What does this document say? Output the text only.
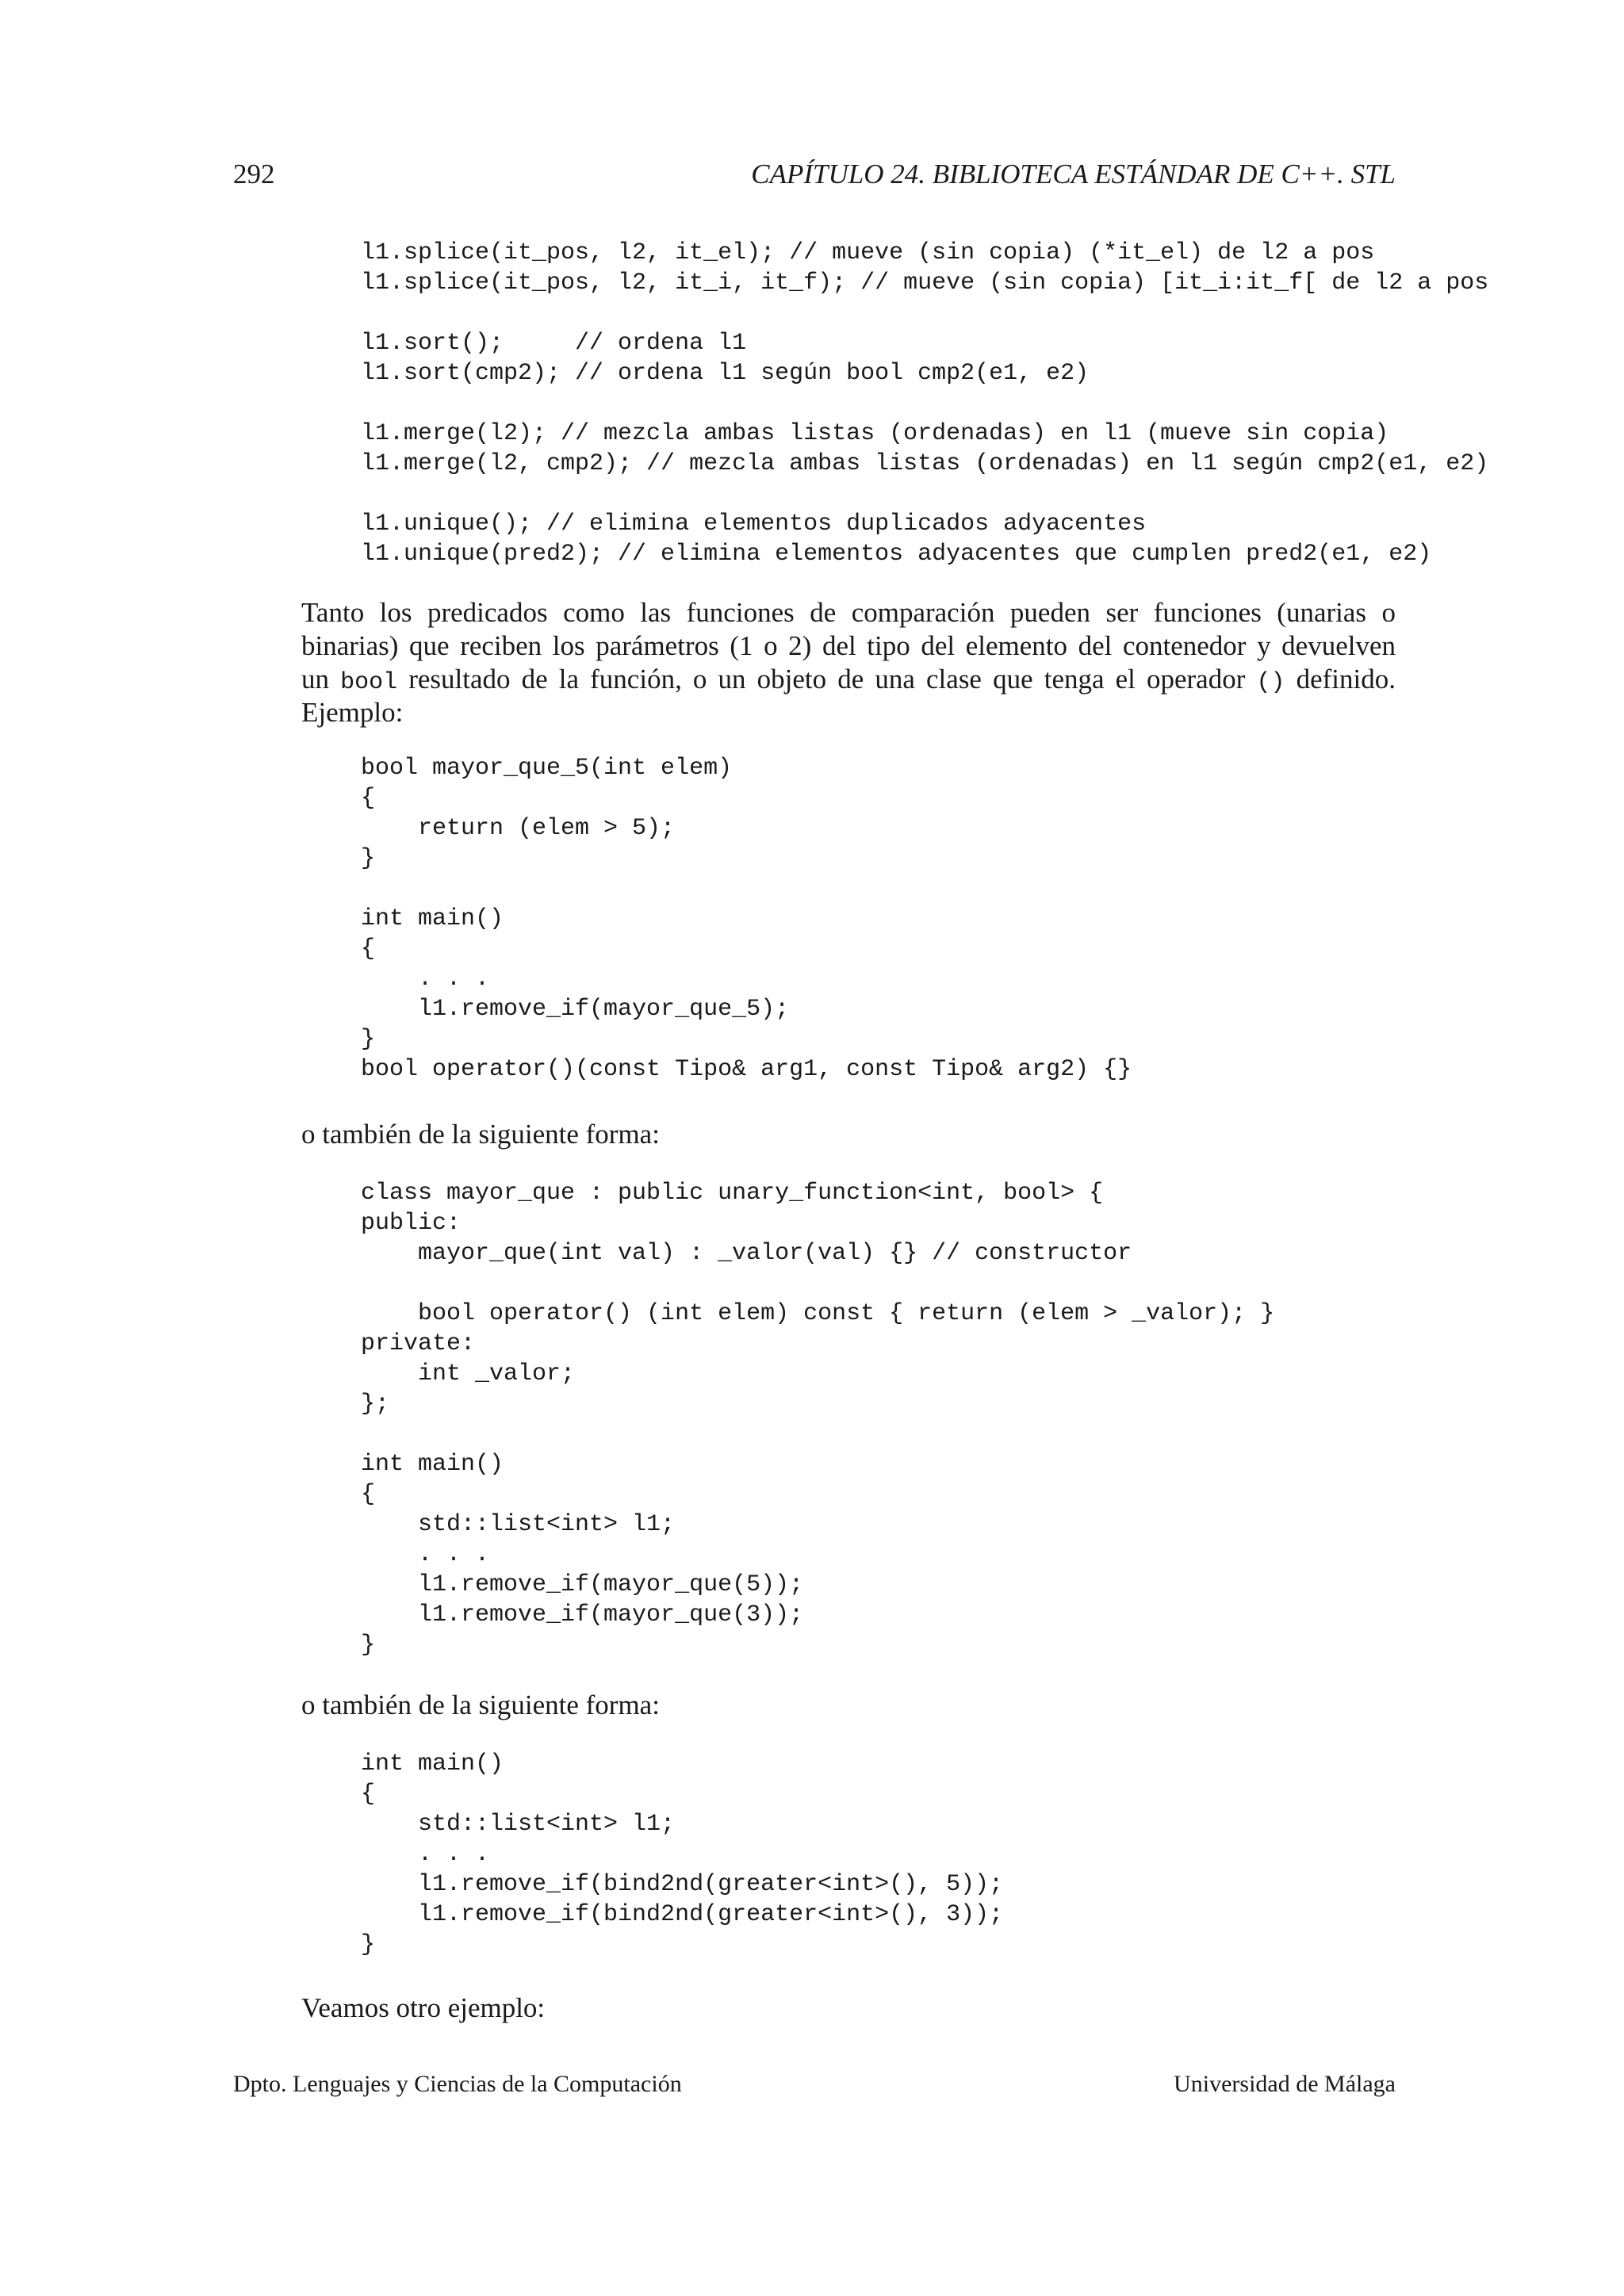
292	CAPÍTULO 24. BIBLIOTECA ESTÁNDAR DE C++. STL
l1.splice(it_pos, l2, it_el); // mueve (sin copia) (*it_el) de l2 a pos
l1.splice(it_pos, l2, it_i, it_f); // mueve (sin copia) [it_i:it_f[ de l2 a pos
l1.sort();     // ordena l1
l1.sort(cmp2); // ordena l1 según bool cmp2(e1, e2)
l1.merge(l2); // mezcla ambas listas (ordenadas) en l1 (mueve sin copia)
l1.merge(l2, cmp2); // mezcla ambas listas (ordenadas) en l1 según cmp2(e1, e2)
l1.unique(); // elimina elementos duplicados adyacentes
l1.unique(pred2); // elimina elementos adyacentes que cumplen pred2(e1, e2)
Tanto los predicados como las funciones de comparación pueden ser funciones (unarias o
binarias) que reciben los parámetros (1 o 2) del tipo del elemento del contenedor y devuelven
un bool resultado de la función, o un objeto de una clase que tenga el operador () definido.
Ejemplo:
bool mayor_que_5(int elem)
{
return (elem > 5);
}
int main()
{
. . .
l1.remove_if(mayor_que_5);
}
bool operator()(const Tipo& arg1, const Tipo& arg2) {}
o también de la siguiente forma:
class mayor_que : public unary_function<int, bool> {
public:
mayor_que(int val) : _valor(val) {} // constructor
bool operator() (int elem) const { return (elem > _valor); }
private:
int _valor;
};
int main()
{
std::list<int> l1;
. . .
l1.remove_if(mayor_que(5));
l1.remove_if(mayor_que(3));
}
o también de la siguiente forma:
int main()
{
std::list<int> l1;
. . .
l1.remove_if(bind2nd(greater<int>(), 5));
l1.remove_if(bind2nd(greater<int>(), 3));
}
Veamos otro ejemplo:
Dpto. Lenguajes y Ciencias de la Computación	Universidad de Málaga
